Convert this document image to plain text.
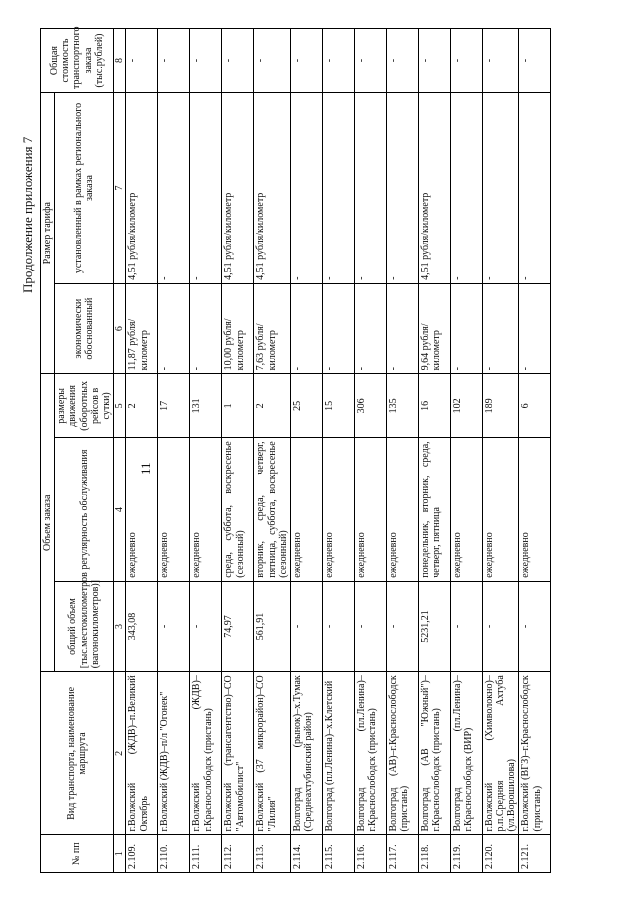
11
Продолжение приложения 7
№ пп	Вид транспорта, наименование маршрута	Объем заказа			Размер тарифа		Общая стоимость транспортного заказа (тыс.рублей)
		общий объем [тыс.местокилометров (вагонокилометров)]	регулярность обслуживания	размеры движения (оборотных рейсов в сутки)	экономически обоснованный	установленный в рамках регионального заказа	
1	2	3	4	5	6	7	8
2.109.	г.Волжский (ЖДВ)–п.Великий Октябрь	343,08	ежедневно	2	11,87 рубля/километр	4,51 рубля/километр	-
2.110.	г.Волжский (ЖДВ)–п/л "Огонек"	-	ежедневно	17	-	-	-
2.111.	г.Волжский (ЖДВ)–г.Краснослободск (пристань)	-	ежедневно	131	-	-	-
2.112.	г.Волжский (трансагентство)–СО "Автомобилист"	74,97	среда, суббота, воскресенье (сезонный)	1	10,00 рубля/километр	4,51 рубля/километр	-
2.113.	г.Волжский (37 микрорайон)–СО "Лилия"	561,91	вторник, среда, четверг, пятница, суббота, воскресенье (сезонный)	2	7,63 рубля/километр	4,51 рубля/километр	-
2.114.	Волгоград (рынок)–х.Тумак (Среднеахтубинский район)	-	ежедневно	25	-	-	-
2.115.	Волгоград (пл.Ленина)–х.Клетский	-	ежедневно	15	-	-	-
2.116.	Волгоград (пл.Ленина)–г.Краснослободск (пристань)	-	ежедневно	306	-	-	-
2.117.	Волгоград (АВ)–г.Краснослободск (пристань)	-	ежедневно	135	-	-	-
2.118.	Волгоград (АВ "Южный")–г.Краснослободск (пристань)	5231,21	понедельник, вторник, среда, четверг, пятница	16	9,64 рубля/километр	4,51 рубля/километр	-
2.119.	Волгоград (пл.Ленина)–г.Краснослободск (ВИР)	-	ежедневно	102	-	-	-
2.120.	г.Волжский (Химволокно)–р.п.Средняя Ахтуба (ул.Ворошилова)	-	ежедневно	189	-	-	-
2.121.	г.Волжский (ВГЗ)–г.Краснослободск (пристань)	-	ежедневно	6	-	-	-
